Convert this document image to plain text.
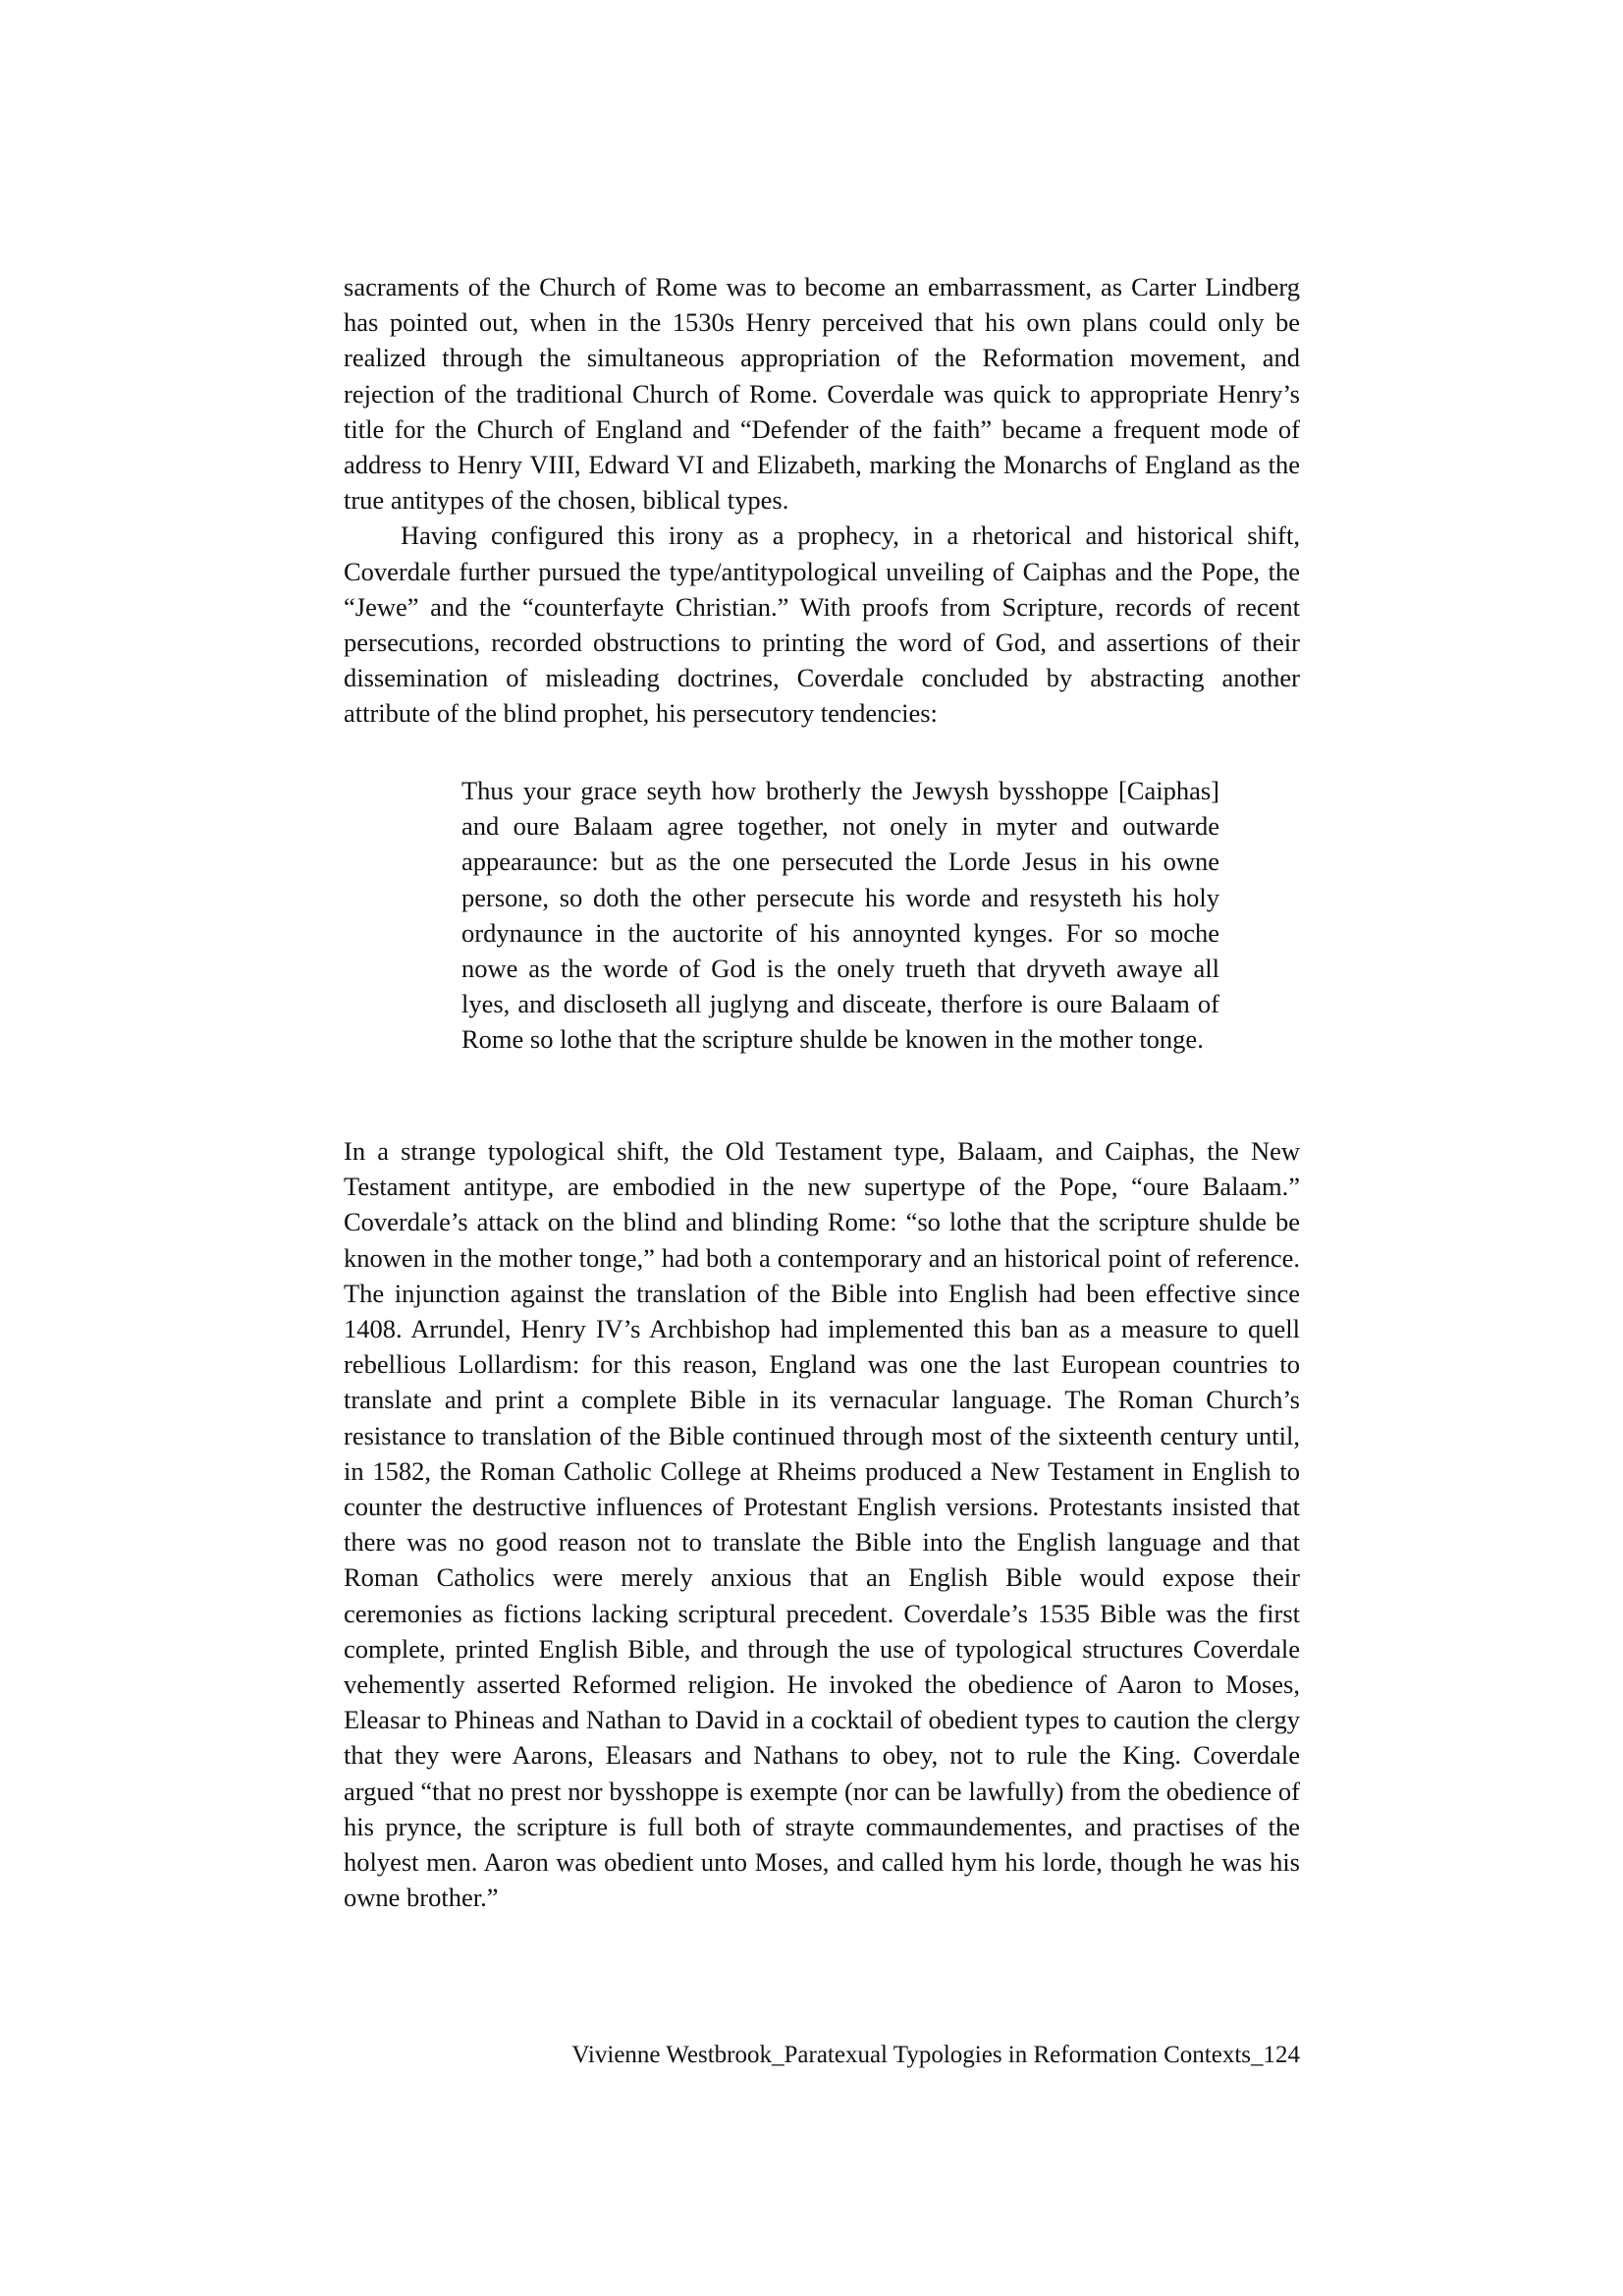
sacraments of the Church of Rome was to become an embarrassment, as Carter Lindberg has pointed out, when in the 1530s Henry perceived that his own plans could only be realized through the simultaneous appropriation of the Reformation movement, and rejection of the traditional Church of Rome. Coverdale was quick to appropriate Henry’s title for the Church of England and “Defender of the faith” became a frequent mode of address to Henry VIII, Edward VI and Elizabeth, marking the Monarchs of England as the true antitypes of the chosen, biblical types.

Having configured this irony as a prophecy, in a rhetorical and historical shift, Coverdale further pursued the type/antitypological unveiling of Caiphas and the Pope, the “Jewe” and the “counterfayte Christian.” With proofs from Scripture, records of recent persecutions, recorded obstructions to printing the word of God, and assertions of their dissemination of misleading doctrines, Coverdale concluded by abstracting another attribute of the blind prophet, his persecutory tendencies:

Thus your grace seyth how brotherly the Jewysh bysshoppe [Caiphas] and oure Balaam agree together, not onely in myter and outwarde appearaunce: but as the one persecuted the Lorde Jesus in his owne persone, so doth the other persecute his worde and resysteth his holy ordynaunce in the auctorite of his annoynted kynges. For so moche nowe as the worde of God is the onely trueth that dryveth awaye all lyes, and discloseth all juglyng and disceate, therfore is oure Balaam of Rome so lothe that the scripture shulde be knowen in the mother tonge.

In a strange typological shift, the Old Testament type, Balaam, and Caiphas, the New Testament antitype, are embodied in the new supertype of the Pope, “oure Balaam.” Coverdale’s attack on the blind and blinding Rome: “so lothe that the scripture shulde be knowen in the mother tonge,” had both a contemporary and an historical point of reference. The injunction against the translation of the Bible into English had been effective since 1408. Arrundel, Henry IV’s Archbishop had implemented this ban as a measure to quell rebellious Lollardism: for this reason, England was one the last European countries to translate and print a complete Bible in its vernacular language. The Roman Church’s resistance to translation of the Bible continued through most of the sixteenth century until, in 1582, the Roman Catholic College at Rheims produced a New Testament in English to counter the destructive influences of Protestant English versions. Protestants insisted that there was no good reason not to translate the Bible into the English language and that Roman Catholics were merely anxious that an English Bible would expose their ceremonies as fictions lacking scriptural precedent. Coverdale’s 1535 Bible was the first complete, printed English Bible, and through the use of typological structures Coverdale vehemently asserted Reformed religion. He invoked the obedience of Aaron to Moses, Eleasar to Phineas and Nathan to David in a cocktail of obedient types to caution the clergy that they were Aarons, Eleasars and Nathans to obey, not to rule the King. Coverdale argued “that no prest nor bysshoppe is exempte (nor can be lawfully) from the obedience of his prynce, the scripture is full both of strayte commaundementes, and practises of the holyest men. Aaron was obedient unto Moses, and called hym his lorde, though he was his owne brother.”

Vivienne Westbrook_Paratexual Typologies in Reformation Contexts_124
